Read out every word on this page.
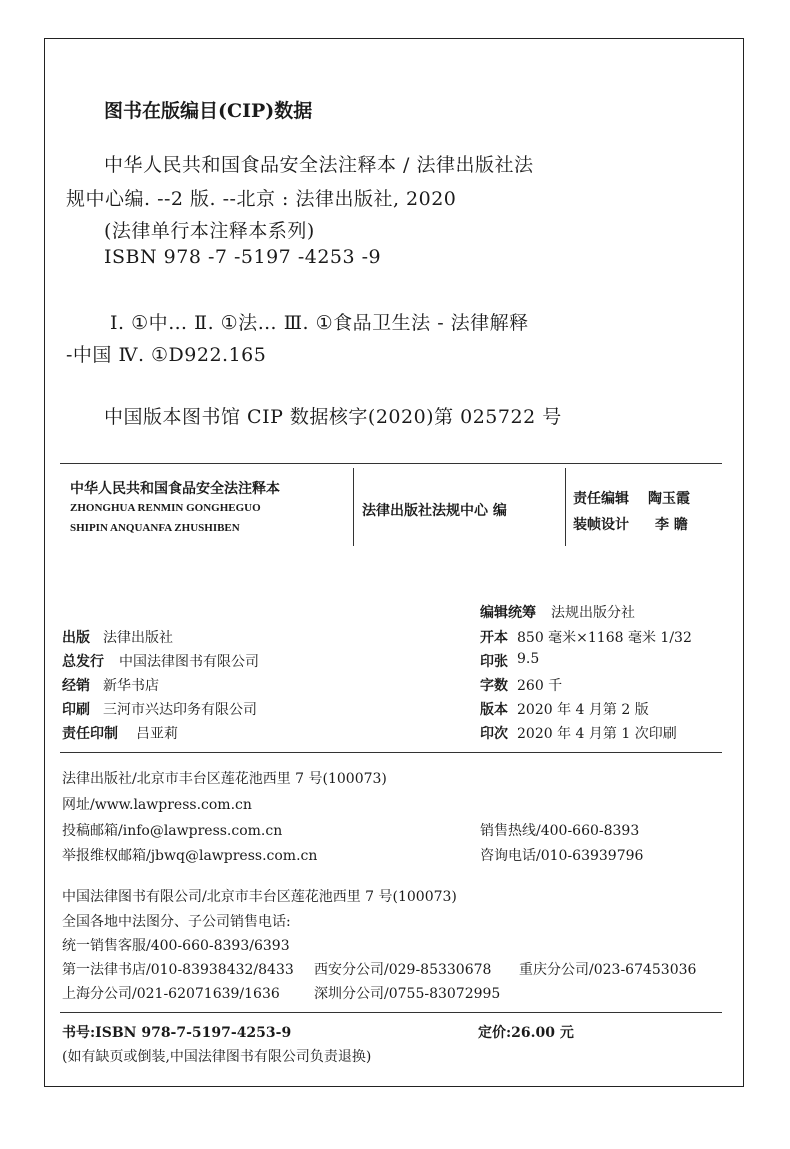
图书在版编目(CIP)数据
中华人民共和国食品安全法注释本 / 法律出版社法
规中心编. --2 版. --北京 : 法律出版社, 2020
(法律单行本注释本系列)
ISBN 978 -7 -5197 -4253 -9
Ⅰ. ①中… Ⅱ. ①法… Ⅲ. ①食品卫生法 - 法律解释
-中国 Ⅳ. ①D922.165
中国版本图书馆 CIP 数据核字(2020)第 025722 号
中华人民共和国食品安全法注释本
ZHONGHUA RENMIN GONGHEGUO
SHIPIN ANQUANFA ZHUSHIBEN
法律出版社法规中心 编
责任编辑 陶玉霞
装帧设计 李 瞻
编辑统筹 法规出版分社
出版 法律出版社	开本 850 毫米×1168 毫米 1/32
总发行 中国法律图书有限公司	印张 9.5
经销 新华书店	字数 260 千
印刷 三河市兴达印务有限公司	版本 2020 年 4 月第 2 版
责任印制 吕亚莉	印次 2020 年 4 月第 1 次印刷
法律出版社/北京市丰台区莲花池西里 7 号(100073)
网址/www.lawpress.com.cn
投稿邮箱/info@lawpress.com.cn	销售热线/400-660-8393
举报维权邮箱/jbwq@lawpress.com.cn	咨询电话/010-63939796
中国法律图书有限公司/北京市丰台区莲花池西里 7 号(100073)
全国各地中法图分、子公司销售电话:
统一销售客服/400-660-8393/6393
第一法律书店/010-83938432/8433 西安分公司/029-85330678 重庆分公司/023-67453036
上海分公司/021-62071639/1636 深圳分公司/0755-83072995
书号:ISBN 978-7-5197-4253-9	定价:26.00 元
(如有缺页或倒装,中国法律图书有限公司负责退换)
